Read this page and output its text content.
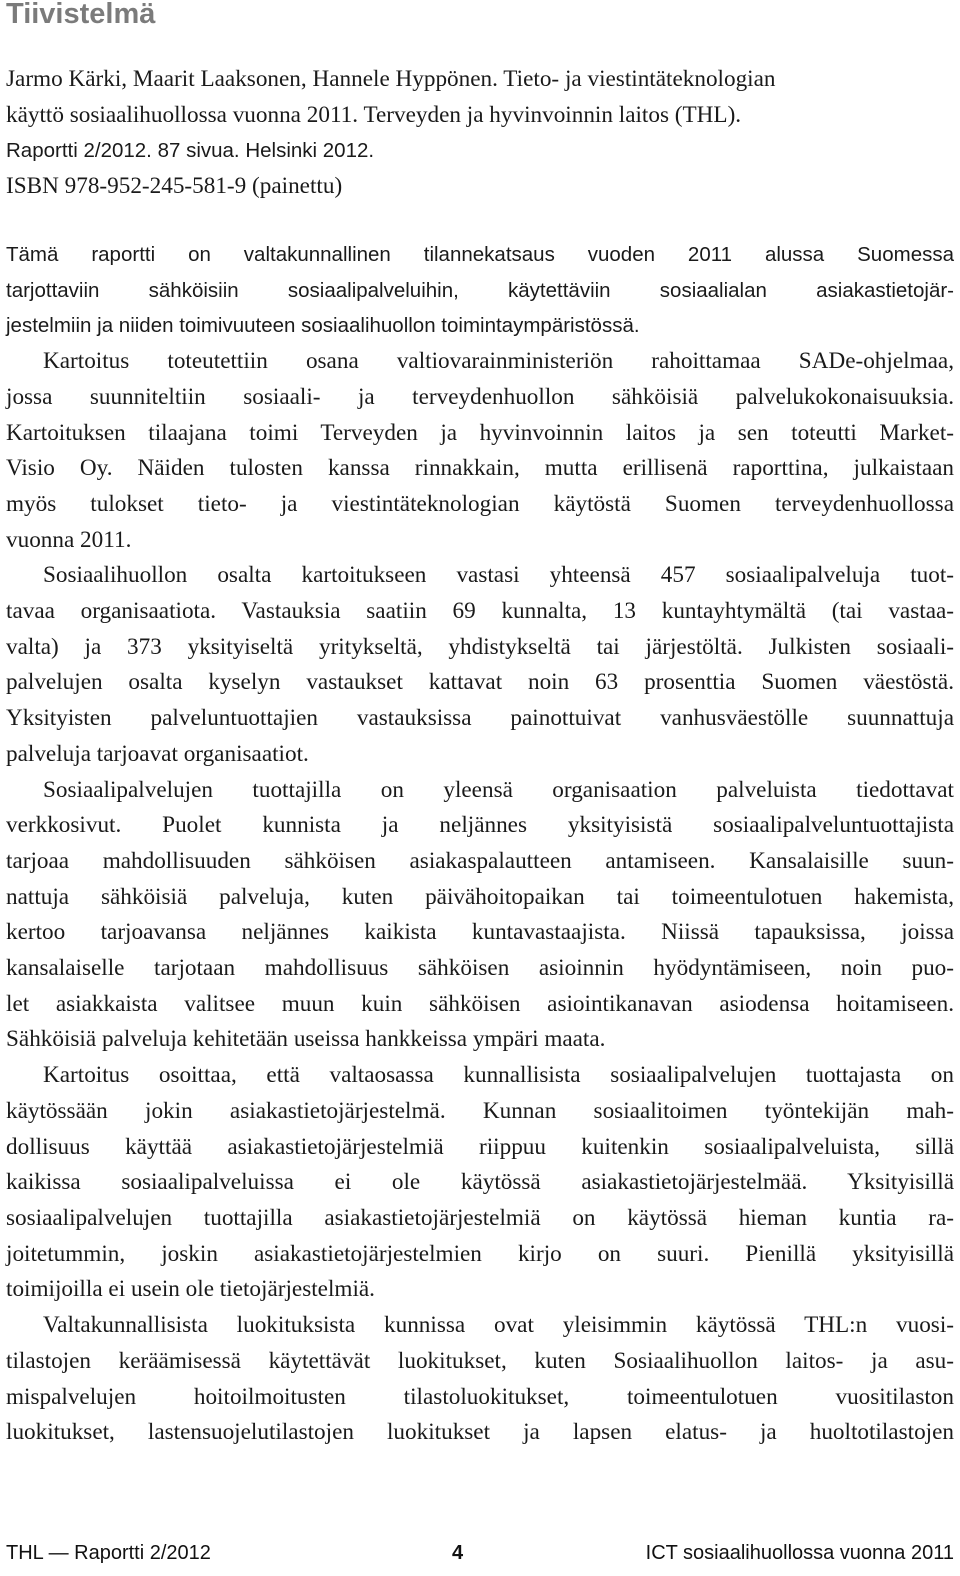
Tiivistelmä
Jarmo Kärki, Maarit Laaksonen, Hannele Hyppönen. Tieto- ja viestintäteknologian
käyttö sosiaalihuollossa vuonna 2011. Terveyden ja hyvinvoinnin laitos (THL).
Raportti 2/2012. 87 sivua. Helsinki 2012.
ISBN 978-952-245-581-9 (painettu)
Tämä raportti on valtakunnallinen tilannekatsaus vuoden 2011 alussa Suomessa
tarjottaviin sähköisiin sosiaalipalveluihin, käytettäviin sosiaalialan asiakastietojär-
jestelmiin ja niiden toimivuuteen sosiaalihuollon toimintaympäristössä.
Kartoitus toteutettiin osana valtiovarainministeriön rahoittamaa SADe-ohjelmaa,
jossa suunniteltiin sosiaali- ja terveydenhuollon sähköisiä palvelukokonaisuuksia.
Kartoituksen tilaajana toimi Terveyden ja hyvinvoinnin laitos ja sen toteutti Market-
Visio Oy. Näiden tulosten kanssa rinnakkain, mutta erillisenä raporttina, julkaistaan
myös tulokset tieto- ja viestintäteknologian käytöstä Suomen terveydenhuollossa
vuonna 2011.
Sosiaalihuollon osalta kartoitukseen vastasi yhteensä 457 sosiaalipalveluja tuot-
tavaa organisaatiota. Vastauksia saatiin 69 kunnalta, 13 kuntayhtymältä (tai vastaa-
valta) ja 373 yksityiseltä yritykseltä, yhdistykseltä tai järjestöltä. Julkisten sosiaali-
palvelujen osalta kyselyn vastaukset kattavat noin 63 prosenttia Suomen väestöstä.
Yksityisten palveluntuottajien vastauksissa painottuivat vanhusväestölle suunnattuja
palveluja tarjoavat organisaatiot.
Sosiaalipalvelujen tuottajilla on yleensä organisaation palveluista tiedottavat
verkkosivut. Puolet kunnista ja neljännes yksityisistä sosiaalipalveluntuottajista
tarjoaa mahdollisuuden sähköisen asiakaspalautteen antamiseen. Kansalaisille suun-
nattuja sähköisiä palveluja, kuten päivähoitopaikan tai toimeentulotuen hakemista,
kertoo tarjoavansa neljännes kaikista kuntavastaajista. Niissä tapauksissa, joissa
kansalaiselle tarjotaan mahdollisuus sähköisen asioinnin hyödyntämiseen, noin puo-
let asiakkaista valitsee muun kuin sähköisen asiointikanavan asiodensa hoitamiseen.
Sähköisiä palveluja kehitetään useissa hankkeissa ympäri maata.
Kartoitus osoittaa, että valtaosassa kunnallisista sosiaalipalvelujen tuottajasta on
käytössään jokin asiakastietojärjestelmä. Kunnan sosiaalitoimen työntekijän mah-
dollisuus käyttää asiakastietojärjestelmiä riippuu kuitenkin sosiaalipalveluista, sillä
kaikissa sosiaalipalveluissa ei ole käytössä asiakastietojärjestelmää. Yksityisillä
sosiaalipalvelujen tuottajilla asiakastietojärjestelmiä on käytössä hieman kuntia ra-
joitetummin, joskin asiakastietojärjestelmien kirjo on suuri. Pienillä yksityisillä
toimijoilla ei usein ole tietojärjestelmiä.
Valtakunnallisista luokituksista kunnissa ovat yleisimmin käytössä THL:n vuosi-
tilastojen keräämisessä käytettävät luokitukset, kuten Sosiaalihuollon laitos- ja asu-
mispalvelujen hoitoilmoitusten tilastoluokitukset, toimeentulotuen vuositilaston
luokitukset, lastensuojelutilastojen luokitukset ja lapsen elatus- ja huoltotilastojen
THL — Raportti 2/2012	4	ICT sosiaalihuollossa vuonna 2011
